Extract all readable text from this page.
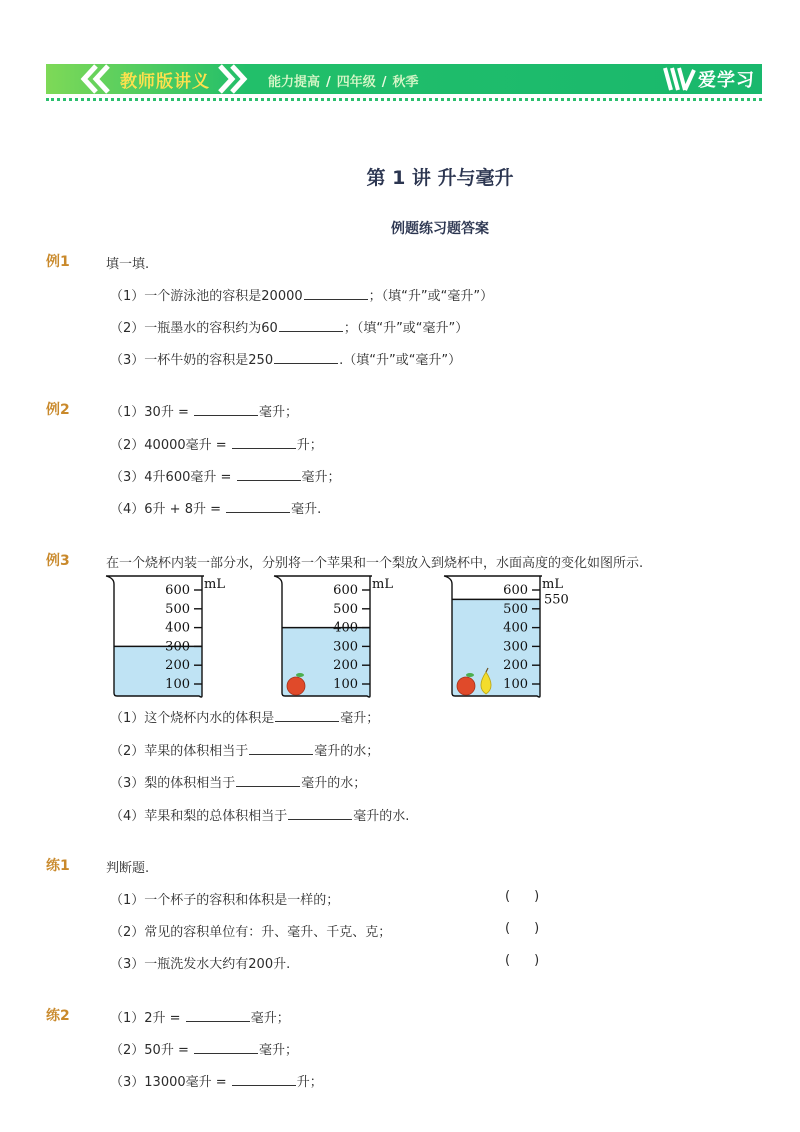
教师版讲义	能力提高 / 四年级 / 秋季	爱学习
第 1 讲 升与毫升
例题练习题答案
例1	填一填.
（1）一个游泳池的容积是20000	；（填“升”或“毫升”）
（2）一瓶墨水的容积约为60	；（填“升”或“毫升”）
（3）一杯牛奶的容积是250	.（填“升”或“毫升”）
例2	（1）30升 =	毫升；
（2）40000毫升 =	升；
（3）4升600毫升 =	毫升；
（4）6升 + 8升 =	毫升.
例3	在一个烧杯内装一部分水，分别将一个苹果和一个梨放入到烧杯中，水面高度的变化如图所示.
600
500
400
300
200
100
mL	600
500
400
300
200
100
mL	600
500
400
300
200
100
mL
550
（1）这个烧杯内水的体积是	毫升；
（2）苹果的体积相当于	毫升的水；
（3）梨的体积相当于	毫升的水；
（4）苹果和梨的总体积相当于	毫升的水.
练1	判断题.
（1）一个杯子的容积和体积是一样的；	( )
（2）常见的容积单位有：升、毫升、千克、克；	( )
（3）一瓶洗发水大约有200升.	( )
练2	（1）2升 =	毫升；
（2）50升 =	毫升；
（3）13000毫升 =	升；
